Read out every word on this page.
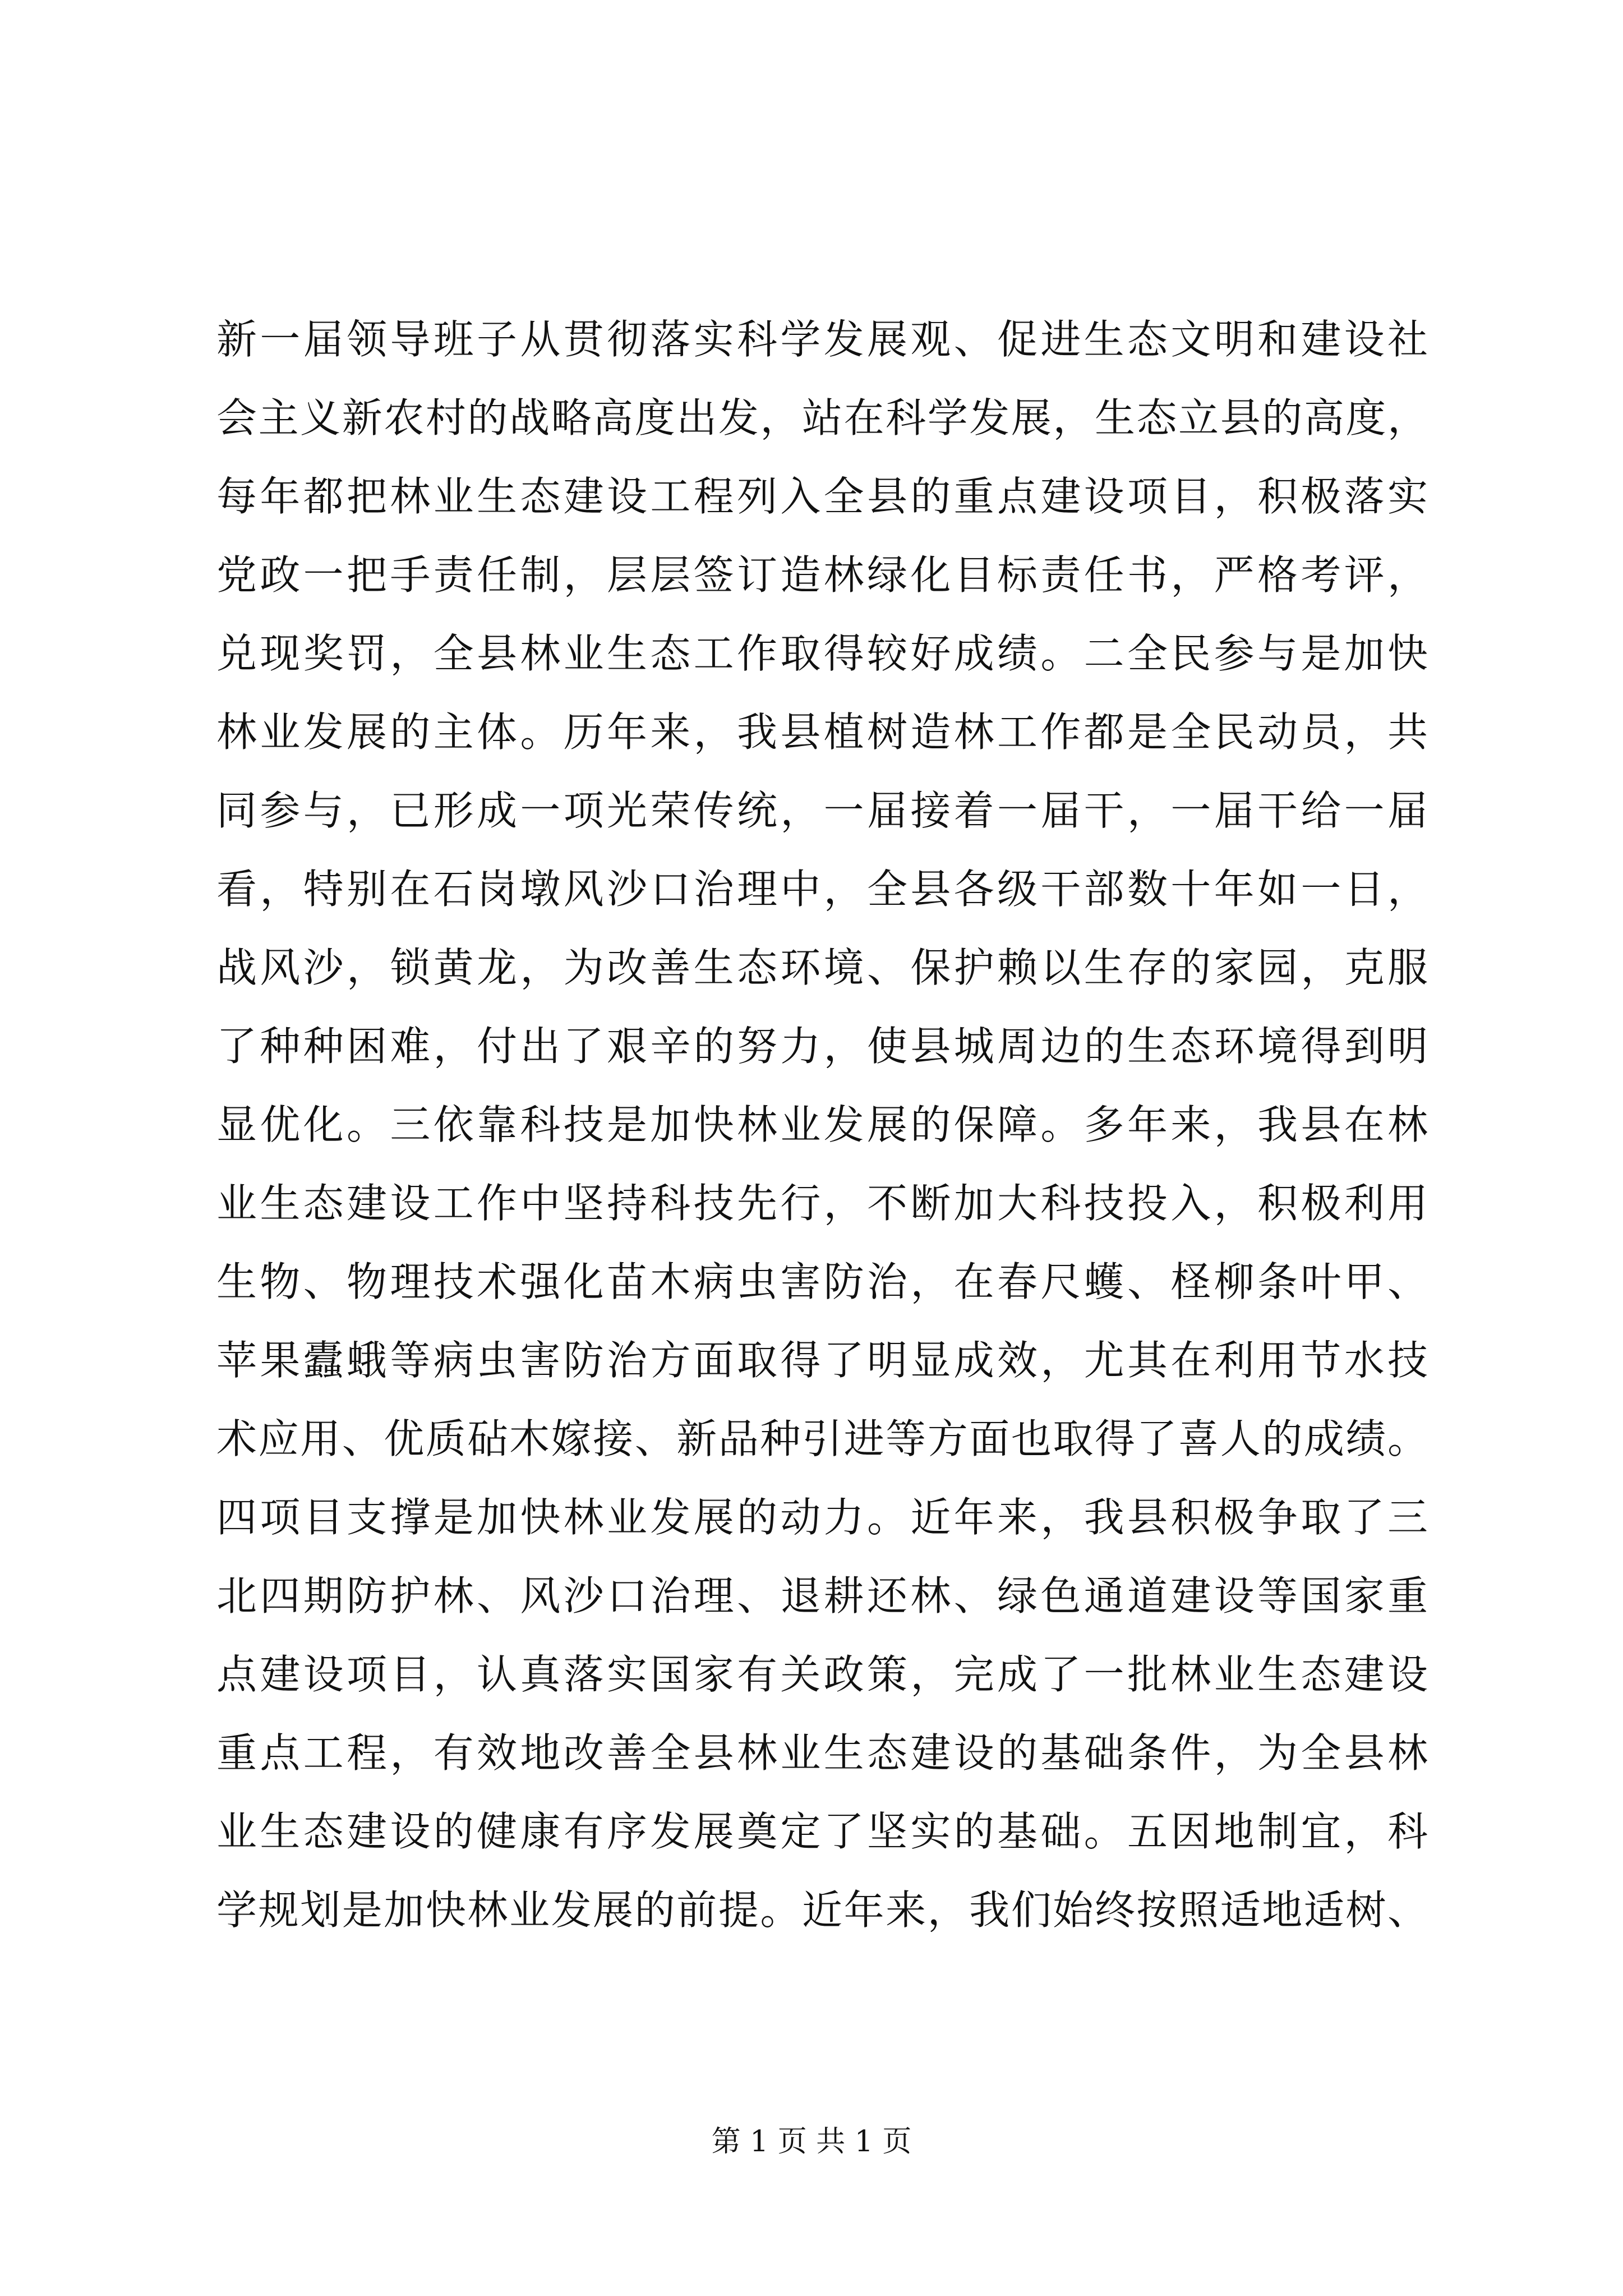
新一届领导班子从贯彻落实科学发展观、促进生态文明和建设社
会主义新农村的战略高度出发，站在科学发展，生态立县的高度，
每年都把林业生态建设工程列入全县的重点建设项目，积极落实
党政一把手责任制，层层签订造林绿化目标责任书，严格考评，
兑现奖罚，全县林业生态工作取得较好成绩。二全民参与是加快
林业发展的主体。历年来，我县植树造林工作都是全民动员，共
同参与，已形成一项光荣传统，一届接着一届干，一届干给一届
看，特别在石岗墩风沙口治理中，全县各级干部数十年如一日，
战风沙，锁黄龙，为改善生态环境、保护赖以生存的家园，克服
了种种困难，付出了艰辛的努力，使县城周边的生态环境得到明
显优化。三依靠科技是加快林业发展的保障。多年来，我县在林
业生态建设工作中坚持科技先行，不断加大科技投入，积极利用
生物、物理技术强化苗木病虫害防治，在春尺蠖、柽柳条叶甲、
苹果蠹蛾等病虫害防治方面取得了明显成效，尤其在利用节水技
术应用、优质砧木嫁接、新品种引进等方面也取得了喜人的成绩。
四项目支撑是加快林业发展的动力。近年来，我县积极争取了三
北四期防护林、风沙口治理、退耕还林、绿色通道建设等国家重
点建设项目，认真落实国家有关政策，完成了一批林业生态建设
重点工程，有效地改善全县林业生态建设的基础条件，为全县林
业生态建设的健康有序发展奠定了坚实的基础。五因地制宜，科
学规划是加快林业发展的前提。近年来，我们始终按照适地适树、
第 1 页 共 1 页
